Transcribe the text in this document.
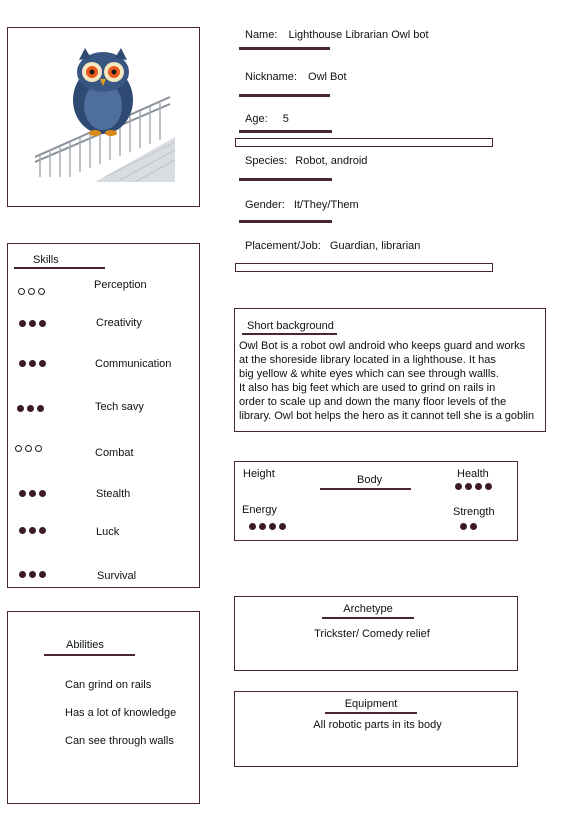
Name: Lighthouse Librarian Owl bot
Nickname: Owl Bot
Age: 5
Species: Robot, android
Gender: It/They/Them
Placement/Job: Guardian, librarian
Skills
Perception
Creativity
Communication
Tech savy
Combat
Stealth
Luck
Survival
Abilities
Can grind on rails
Has a lot of knowledge
Can see through walls
Short background
Owl Bot is a robot owl android who keeps guard and works
at the shoreside library located in a lighthouse. It has
big yellow & white eyes which can see through wallls.
It also has big feet which are used to grind on rails in
order to scale up and down the many floor levels of the
library. Owl bot helps the hero as it cannot tell she is a goblin
Height	Body	Health
Energy	Strength
Archetype
Trickster/ Comedy relief
Equipment
All robotic parts in its body
